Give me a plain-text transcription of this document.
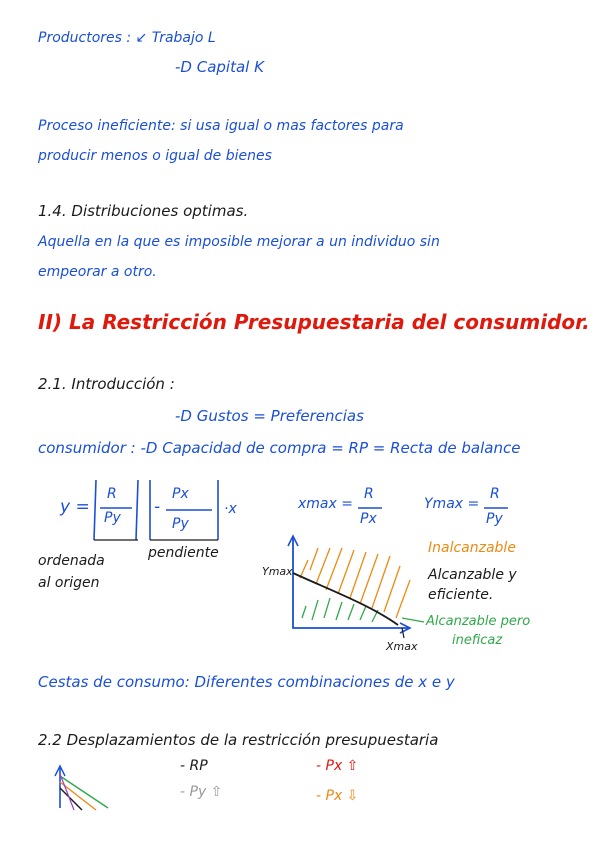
Productores : ↙ Trabajo L

-D Capital K

Proceso ineficiente: si usa igual o mas factores para

producir menos o igual de bienes

1.4. Distribuciones optimas.

Aquella en la que es imposible mejorar a un individuo sin

empeorar a otro.

II) La Restricción Presupuestaria del consumidor.

2.1. Introducción :

-D Gustos = Preferencias

consumidor : -D Capacidad de compra = RP = Recta de balance

y =

R

Py

-

Px

Py

·x	xmax =

R

Px

Ymax =

R

Py

ordenada

al origen

pendiente

Ymax

Xmax

Inalcanzable

Alcanzable y

eficiente.

Alcanzable pero

ineficaz

Cestas de consumo: Diferentes combinaciones de x e y

2.2 Desplazamientos de la restricción presupuestaria

- RP

- Py ⇧

- Px ⇧

- Px ⇩
